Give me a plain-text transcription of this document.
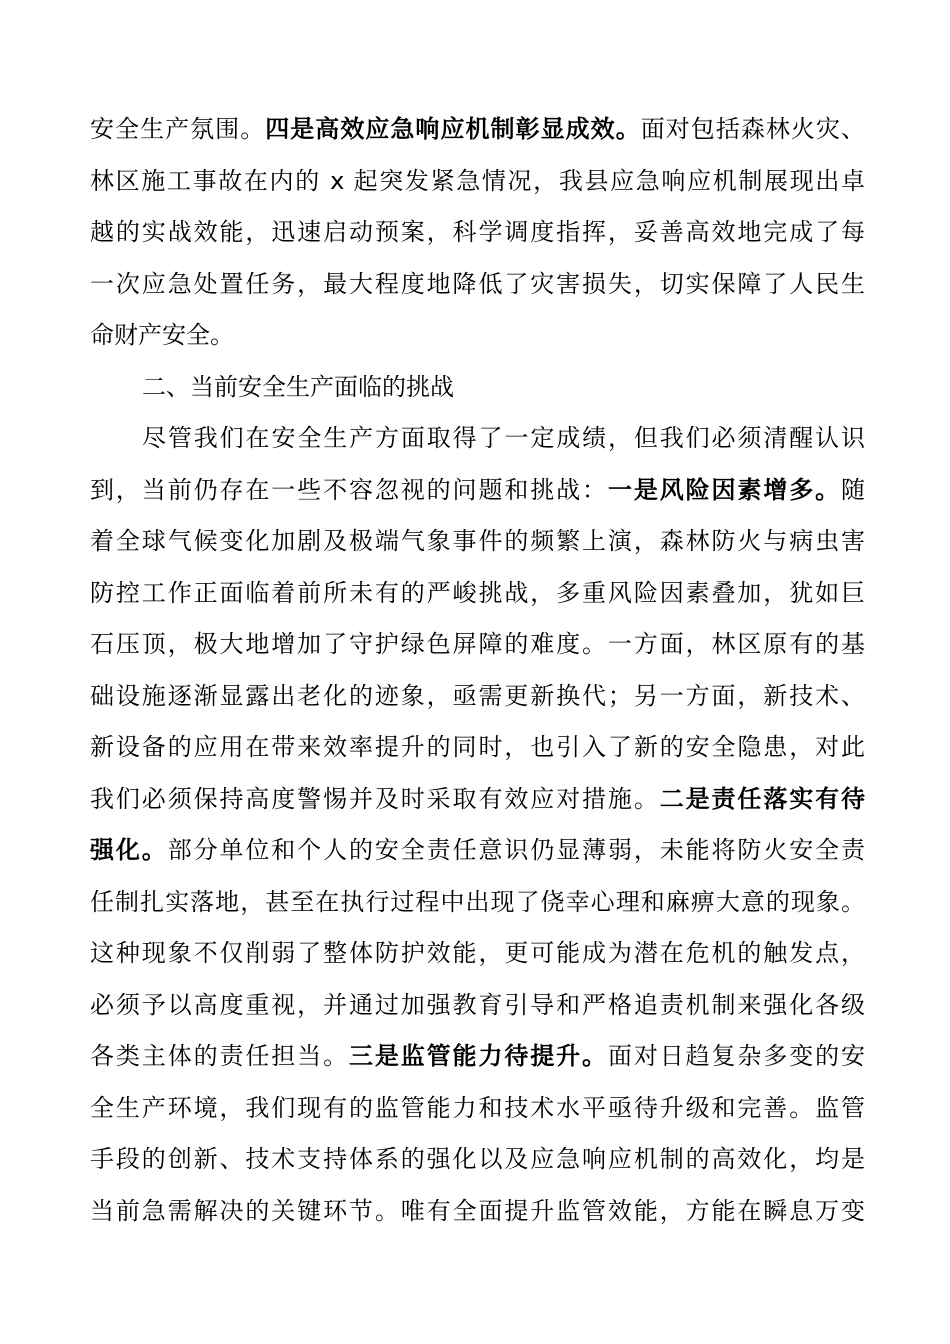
安全生产氛围。四是高效应急响应机制彰显成效。面对包括森林火灾、
林区施工事故在内的 x 起突发紧急情况，我县应急响应机制展现出卓
越的实战效能，迅速启动预案，科学调度指挥，妥善高效地完成了每
一次应急处置任务，最大程度地降低了灾害损失，切实保障了人民生
命财产安全。
二、当前安全生产面临的挑战
尽管我们在安全生产方面取得了一定成绩，但我们必须清醒认识
到，当前仍存在一些不容忽视的问题和挑战：一是风险因素增多。随
着全球气候变化加剧及极端气象事件的频繁上演，森林防火与病虫害
防控工作正面临着前所未有的严峻挑战，多重风险因素叠加，犹如巨
石压顶，极大地增加了守护绿色屏障的难度。一方面，林区原有的基
础设施逐渐显露出老化的迹象，亟需更新换代；另一方面，新技术、
新设备的应用在带来效率提升的同时，也引入了新的安全隐患，对此
我们必须保持高度警惕并及时采取有效应对措施。二是责任落实有待
强化。部分单位和个人的安全责任意识仍显薄弱，未能将防火安全责
任制扎实落地，甚至在执行过程中出现了侥幸心理和麻痹大意的现象。
这种现象不仅削弱了整体防护效能，更可能成为潜在危机的触发点，
必须予以高度重视，并通过加强教育引导和严格追责机制来强化各级
各类主体的责任担当。三是监管能力待提升。面对日趋复杂多变的安
全生产环境，我们现有的监管能力和技术水平亟待升级和完善。监管
手段的创新、技术支持体系的强化以及应急响应机制的高效化，均是
当前急需解决的关键环节。唯有全面提升监管效能，方能在瞬息万变
